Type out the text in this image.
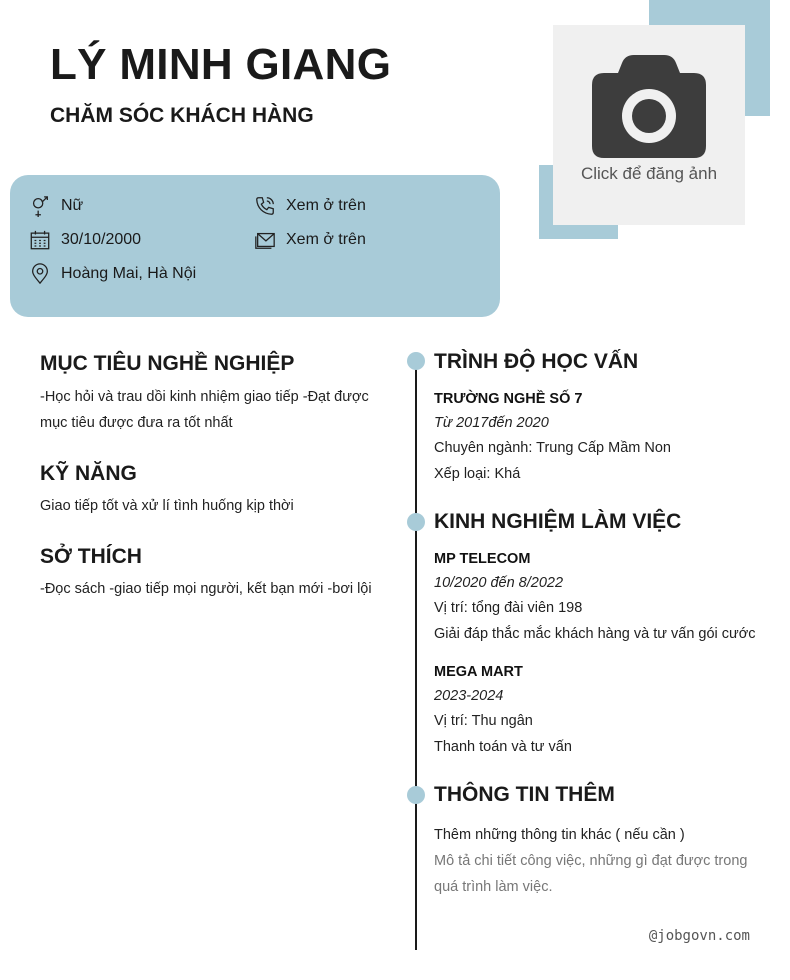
LÝ MINH GIANG
CHĂM SÓC KHÁCH HÀNG
Click để đăng ảnh
Nữ
30/10/2000
Hoàng Mai, Hà Nội
Xem ở trên
Xem ở trên
MỤC TIÊU NGHỀ NGHIỆP
-Học hỏi và trau dồi kinh nhiệm giao tiếp -Đạt được mục tiêu được đưa ra tốt nhất
KỸ NĂNG
Giao tiếp tốt và xử lí tình huống kịp thời
SỞ THÍCH
-Đọc sách -giao tiếp mọi người, kết bạn mới -bơi lội
TRÌNH ĐỘ HỌC VẤN
TRƯỜNG NGHỀ SỐ 7
Từ 2017đến 2020
Chuyên ngành: Trung Cấp Mầm Non
Xếp loại: Khá
KINH NGHIỆM LÀM VIỆC
MP TELECOM
10/2020 đến 8/2022
Vị trí: tổng đài viên 198
Giải đáp thắc mắc khách hàng và tư vấn gói cước
MEGA MART
2023-2024
Vị trí: Thu ngân
Thanh toán và tư vấn
THÔNG TIN THÊM
Thêm những thông tin khác ( nếu cần )
Mô tả chi tiết công việc, những gì đạt được trong quá trình làm việc.
@jobgovn.com
